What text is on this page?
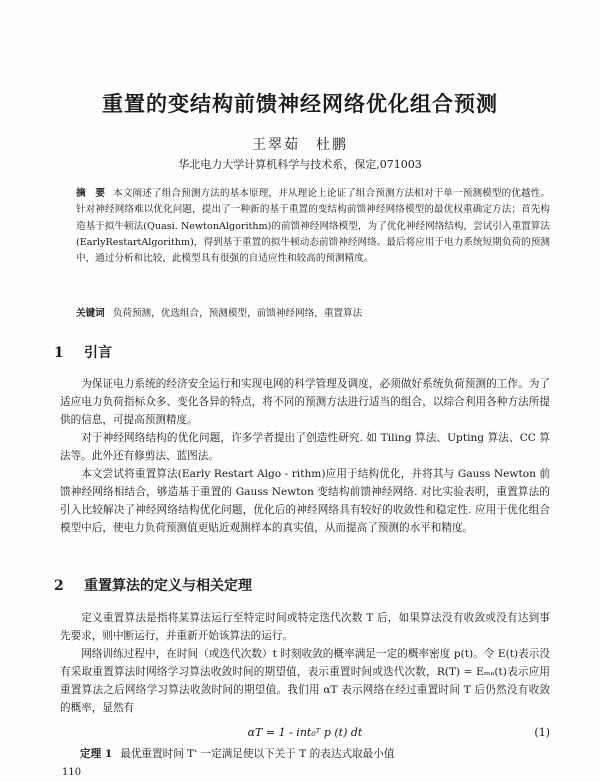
重置的变结构前馈神经网络优化组合预测
王翠茹　杜鹏
华北电力大学计算机科学与技术系，保定,071003
摘　要 本文阐述了组合预测方法的基本原理，并从理论上论证了组合预测方法相对于单一预测模型的优越性。针对神经网络难以优化问题，提出了一种新的基于重置的变结构前馈神经网络模型的最优权重确定方法；首先构造基于拟牛顿法(Quasi. NewtonAlgorithm)的前馈神经网络模型，为了优化神经网络结构，尝试引入重置算法(EarlyRestartAlgorithm)，得到基于重置的拟牛顿动态前馈神经网络。最后将应用于电力系统短期负荷的预测中，通过分析和比较，此模型具有很强的自适应性和较高的预测精度。
关键词 负荷预测，优选组合，预测模型，前馈神经网络，重置算法
1 引言

为保证电力系统的经济安全运行和实现电网的科学管理及调度，必须做好系统负荷预测的工作。为了适应电力负荷指标众多、变化各异的特点，将不同的预测方法进行适当的组合，以综合利用各种方法所提供的信息，可提高预测精度。

对于神经网络结构的优化问题，许多学者提出了创造性研究. 如 Tiling 算法、Upting 算法、CC 算法等。此外还有修剪法、蓝图法。

本文尝试将重置算法(Early Restart Algo - rithm)应用于结构优化，并将其与 Gauss Newton 前馈神经网络相结合，够造基于重置的 Gauss Newton 变结构前馈神经网络. 对比实验表明，重置算法的引入比较解决了神经网络结构优化问题，优化后的神经网络具有较好的收敛性和稳定性. 应用于优化组合模型中后，使电力负荷预测值更贴近观测样本的真实值，从而提高了预测的水平和精度。

2 重置算法的定义与相关定理

定义重置算法是指将某算法运行至特定时间或特定迭代次数 T 后，如果算法没有收敛或没有达到事先要求，则中断运行，并重新开始该算法的运行。

网络训练过程中，在时间（或迭代次数）t 时刻收敛的概率满足一定的概率密度 p(t)。令 E(t)表示没有采取重置算法时网络学习算法收敛时间的期望值，表示重置时间或迭代次数，R(T) = Eₘₐ(t)表示应用重置算法之后网络学习算法收敛时间的期望值。我们用 αT 表示网络在经过重置时间 T 后仍然没有收敛的概率，显然有

αT = 1 - int₀ᵀ p (t) dt	(1)
定理 1 最优重置时间 T' 一定满足使以下关于 T 的表达式取最小值
110
